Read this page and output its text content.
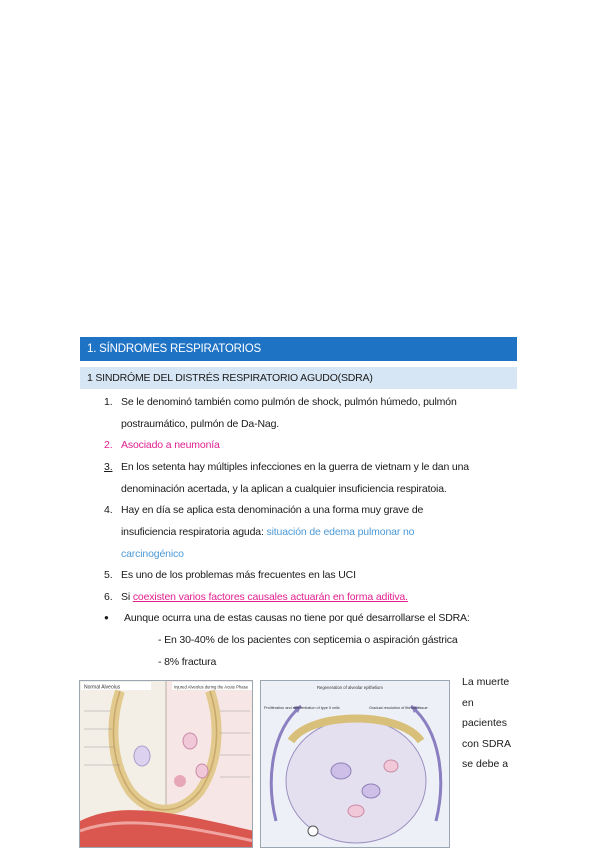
1. SÍNDROMES RESPIRATORIOS
1 SINDRÓME DEL DISTRÉS RESPIRATORIO AGUDO(SDRA)
1. Se le denominó también como pulmón de shock, pulmón húmedo, pulmón
postraumático, pulmón de Da-Nag.
2. Asociado a neumonía
3. En los setenta hay múltiples infecciones en la guerra de vietnam y le dan una
denominación acertada, y la aplican a cualquier insuficiencia respiratoia.
4. Hay en día se aplica esta denominación a una forma muy grave de
insuficiencia respiratoria aguda: situación de edema pulmonar no
carcinogénico
5. Es uno de los problemas más frecuentes en las UCI
6. Si coexisten varios factores causales actuarán en forma aditiva.
●	Aunque ocurra una de estas causas no tiene por qué desarrollarse el SDRA:
- En 30-40% de los pacientes con septicemia o aspiración gástrica
- 8% fractura
La muerte
en
pacientes
con SDRA
se debe a
Normal Alveolus	Injured Alveolus during the Acute Phase	Regeneration of alveolar epithelium
Proliferation and differentiation of type II cells	Gradual resolution of fibrous tissue
